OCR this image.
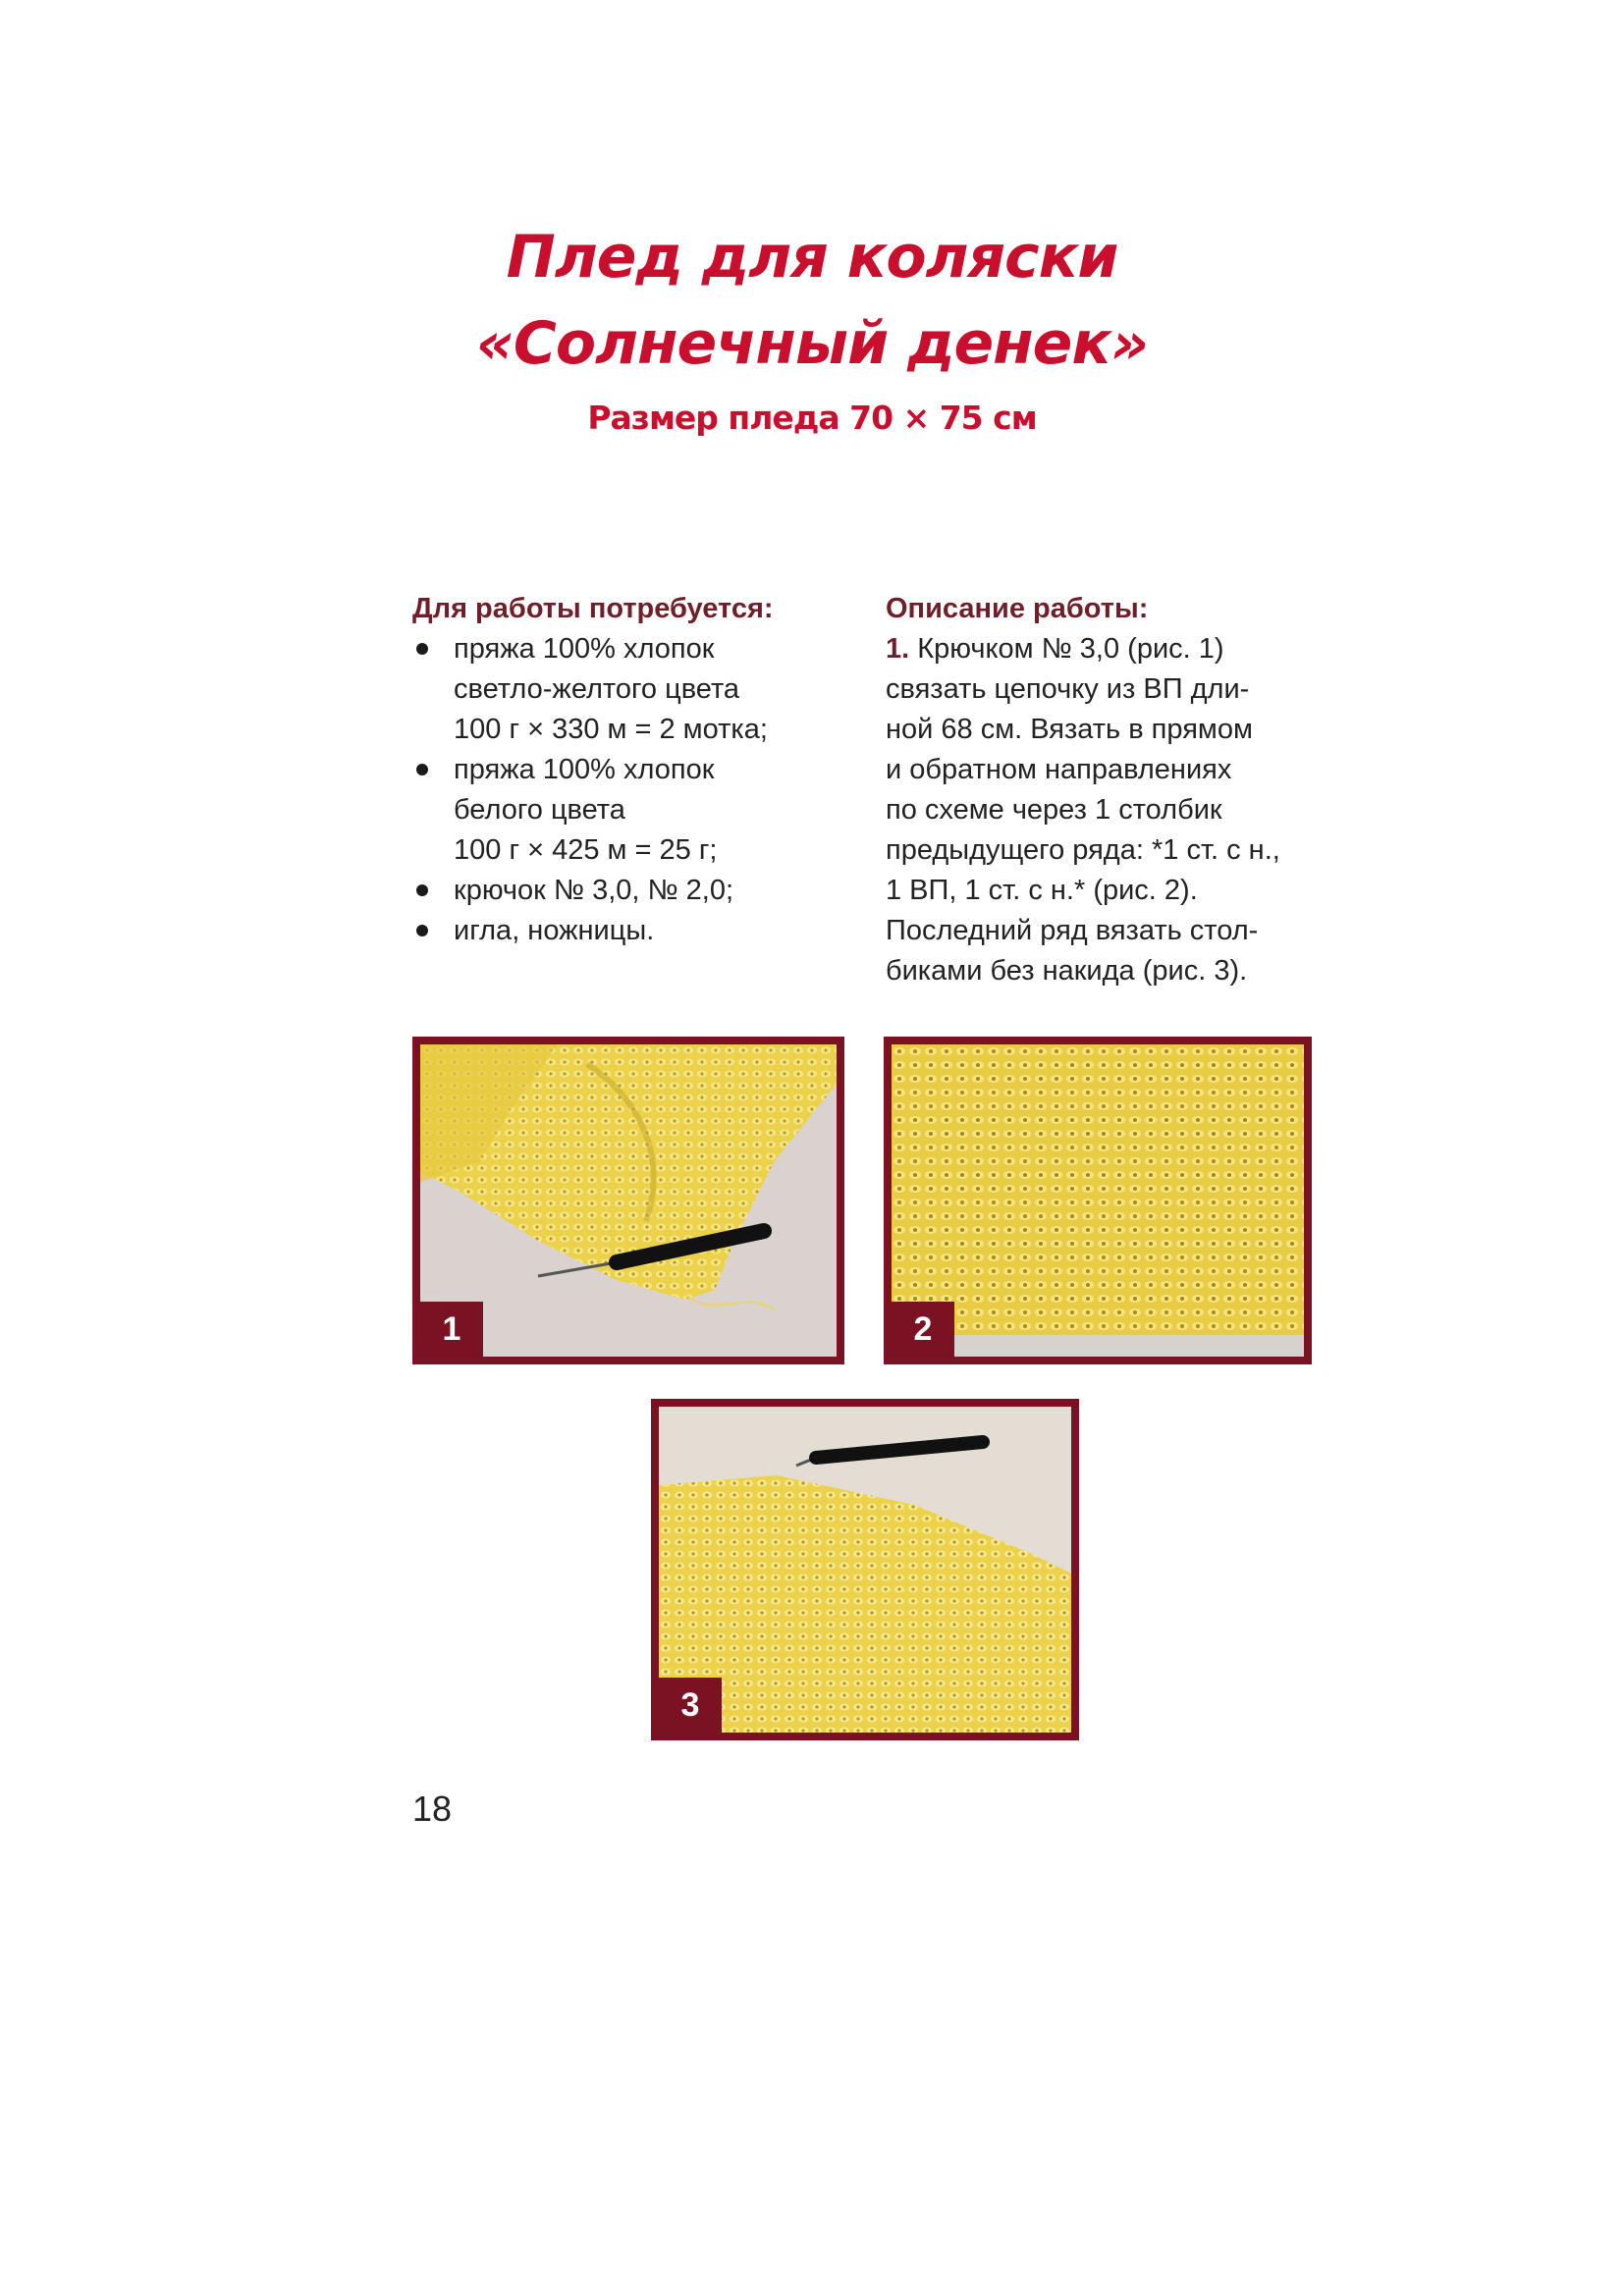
Плед для коляски
«Солнечный денек»
Размер пледа 70 × 75 см
Для работы потребуется:
пряжа 100% хлопок
светло-желтого цвета
100 г × 330 м = 2 мотка;
пряжа 100% хлопок
белого цвета
100 г × 425 м = 25 г;
крючок № 3,0, № 2,0;
игла, ножницы.
Описание работы:
1. Крючком № 3,0 (рис. 1)
связать цепочку из ВП дли-
ной 68 см. Вязать в прямом
и обратном направлениях
по схеме через 1 столбик
предыдущего ряда: *1 ст. с н.,
1 ВП, 1 ст. с н.* (рис. 2).
Последний ряд вязать стол-
биками без накида (рис. 3).
1	2
3
18
